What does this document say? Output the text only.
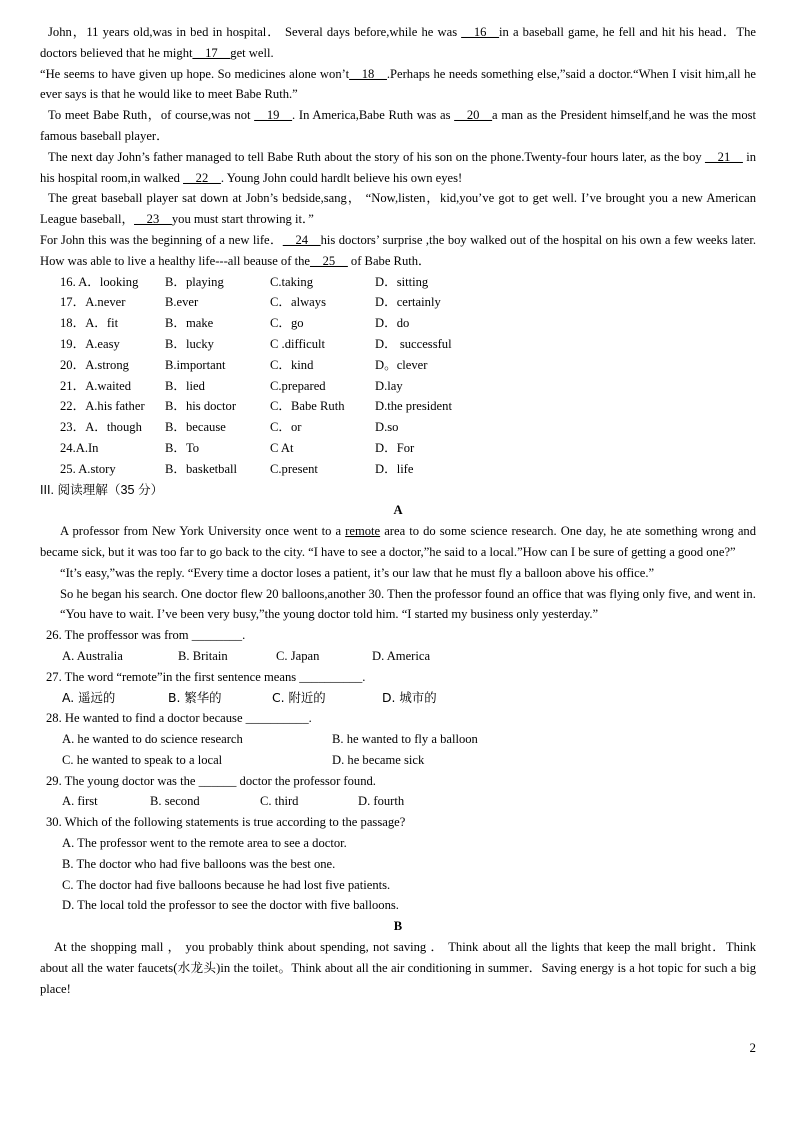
John，11 years old,was in bed in hospital． Several days before,while he was __16__in a baseball game, he fell and hit his head．The doctors believed that he might__17__get well.

“He seems to have given up hope. So medicines alone won’t__18__.Perhaps he needs something else,”said a doctor.“When I visit him,all he ever says is that he would like to meet Babe Ruth.”

To meet Babe Ruth，of course,was not __19__. In America,Babe Ruth was as __20__a man as the President himself,and he was the most famous baseball player．

The next day John’s father managed to tell Babe Ruth about the story of his son on the phone.Twenty-four hours later, as the boy __21__ in his hospital room,in walked __22__. Young John could hardlt believe his own eyes!

The great baseball player sat down at Jobn’s bedside,sang， “Now,listen，kid,you’ve got to get well. I’ve brought you a new American League baseball，__23__you must start throwing it．”

For John this was the beginning of a new life．__24__his doctors’ surprise ,the boy walked out of the hospital on his own a few weeks later. How was able to live a healthy life---all beause of the__25__ of Babe Ruth．

16. A．looking	B．playing	C.taking	D．sitting
17．A.never	B.ever	C．always	D．certainly
18．A．fit	B．make	C．go	D．do
19．A.easy	B．lucky	C .difficult	D． successful
20．A.strong	B.important	C．kind	D。clever
21．A.waited	B．lied	C.prepared	D.lay
22．A.his father	B．his doctor	C．Babe Ruth	D.the president
23．A．though	B．because	C．or	D.so
24.A.In	B．To	C At	D．For
25. A.story	B．basketball	C.present	D．life

III. 阅读理解（35 分）

A

A professor from New York University once went to a remote area to do some science research. One day, he ate something wrong and became sick, but it was too far to go back to the city. “I have to see a doctor,”he said to a local.”How can I be sure of getting a good one?”

“It’s easy,”was the reply. “Every time a doctor loses a patient, it’s our law that he must fly a balloon above his office.”

So he began his search. One doctor flew 20 balloons,another 30. Then the professor found an office that was flying only five, and went in.

“You have to wait. I’ve been very busy,”the young doctor told him. “I started my business only yesterday.”

26. The proffessor was from ________.

A. Australia	B. Britain	C. Japan	D. America

27. The word “remote”in the first sentence means __________.

A. 遥远的	B. 繁华的	C. 附近的	D. 城市的

28. He wanted to find a doctor because __________.

A. he wanted to do science research	B. he wanted to fly a balloon
C. he wanted to speak to a local	D. he became sick

29. The young doctor was the ______ doctor the professor found.

A. first	B. second	C. third	D. fourth

30. Which of the following statements is true according to the passage?

A. The professor went to the remote area to see a doctor.

B. The doctor who had five balloons was the best one.

C. The doctor had five balloons because he had lost five patients.

D. The local told the professor to see the doctor with five balloons.

B

At the shopping mall ， you probably think about spending, not saving ． Think about all the lights that keep the mall bright．Think about all the water faucets(水龙头)in the toilet。Think about all the air conditioning in summer．Saving energy is a hot topic for such a big place!

2
